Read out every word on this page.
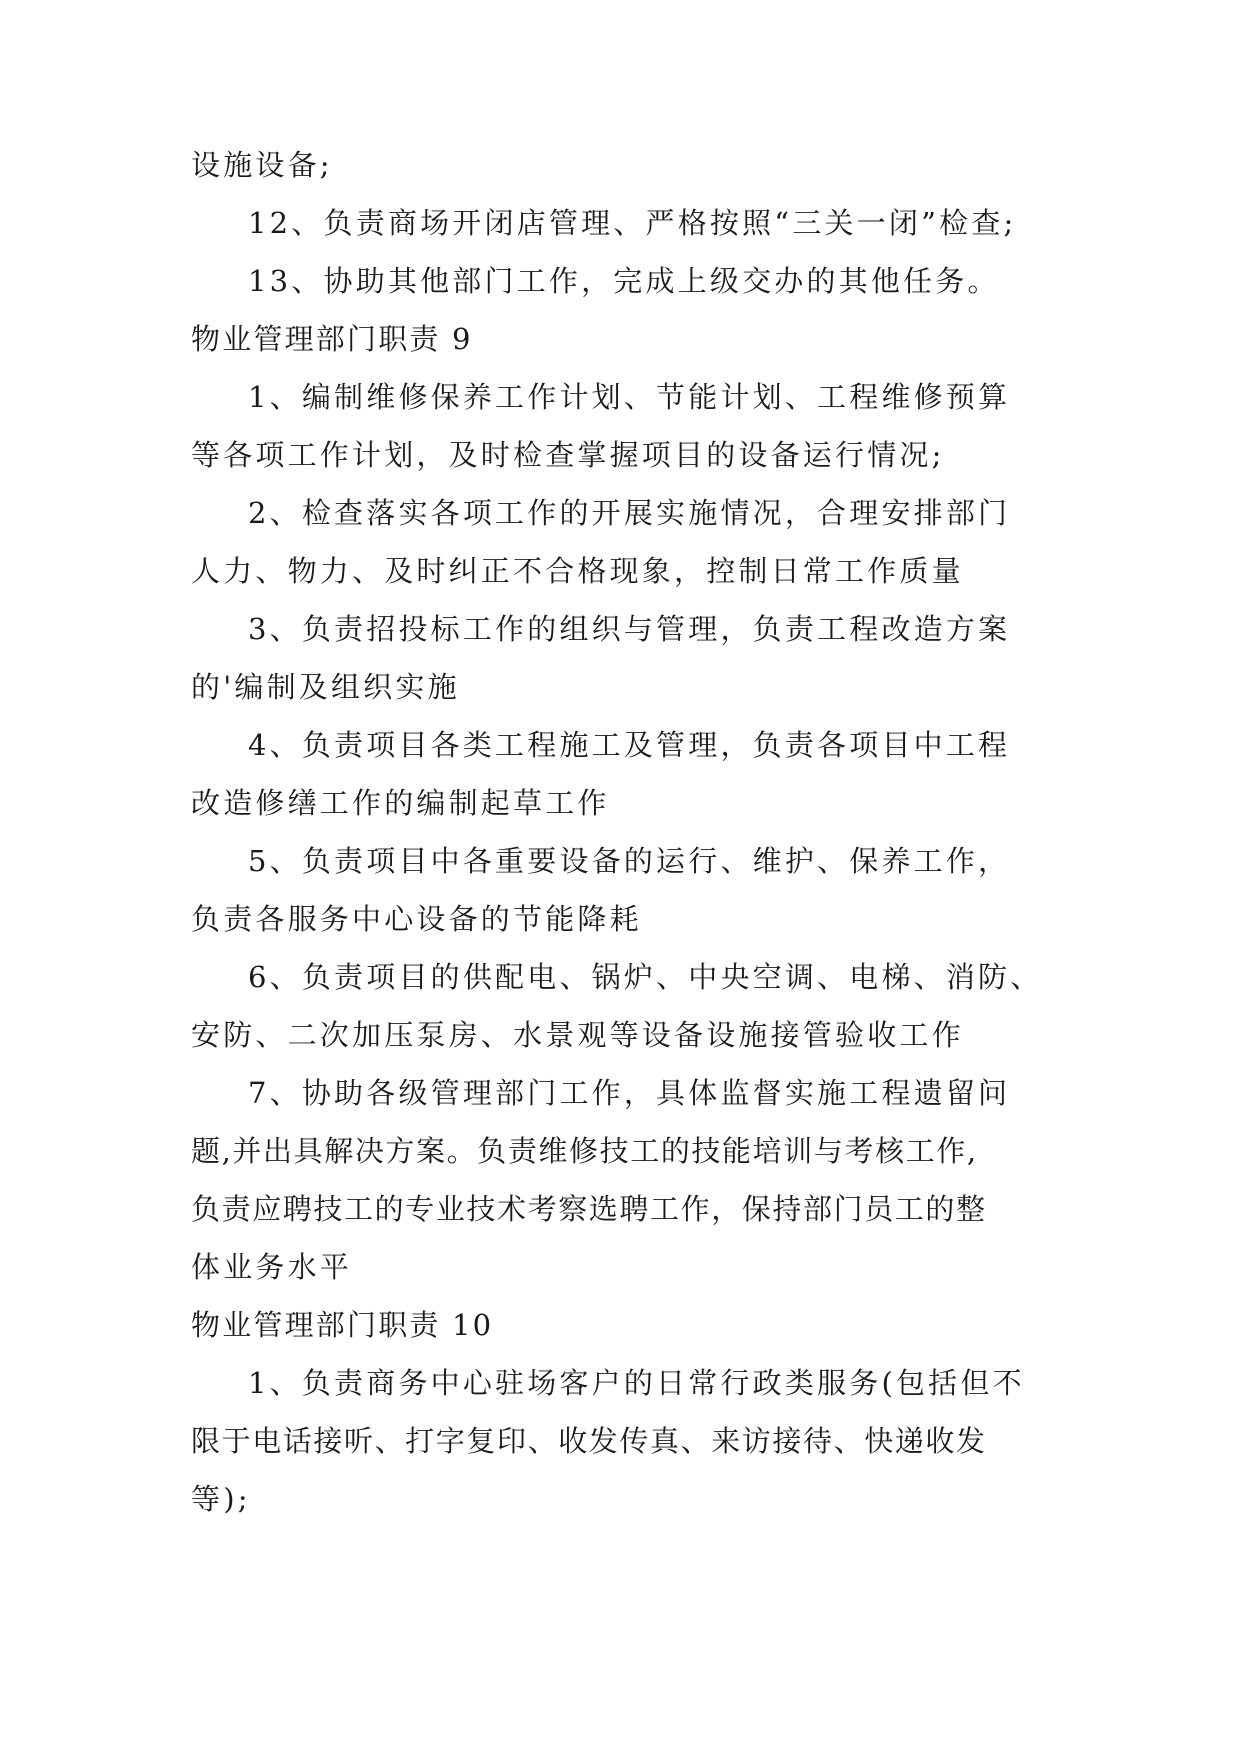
设施设备;
12、负责商场开闭店管理、严格按照“三关一闭”检查;
13、协助其他部门工作，完成上级交办的其他任务。
物业管理部门职责 9
1、编制维修保养工作计划、节能计划、工程维修预算
等各项工作计划，及时检查掌握项目的设备运行情况;
2、检查落实各项工作的开展实施情况，合理安排部门
人力、物力、及时纠正不合格现象，控制日常工作质量
3、负责招投标工作的组织与管理，负责工程改造方案
的'编制及组织实施
4、负责项目各类工程施工及管理，负责各项目中工程
改造修缮工作的编制起草工作
5、负责项目中各重要设备的运行、维护、保养工作，
负责各服务中心设备的节能降耗
6、负责项目的供配电、锅炉、中央空调、电梯、消防、
安防、二次加压泵房、水景观等设备设施接管验收工作
7、协助各级管理部门工作，具体监督实施工程遗留问
题,并出具解决方案。负责维修技工的技能培训与考核工作,
负责应聘技工的专业技术考察选聘工作，保持部门员工的整
体业务水平
物业管理部门职责 10
1、负责商务中心驻场客户的日常行政类服务(包括但不
限于电话接听、打字复印、收发传真、来访接待、快递收发
等);
